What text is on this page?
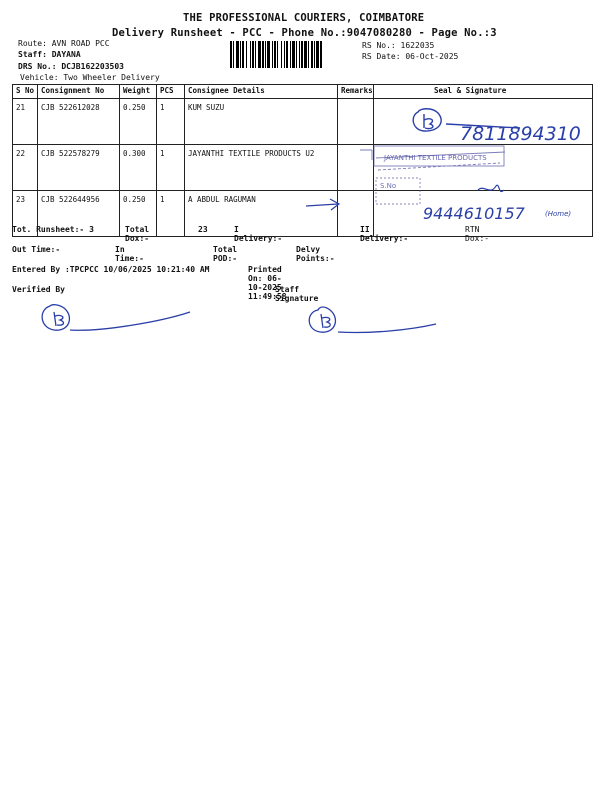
THE PROFESSIONAL COURIERS, COIMBATORE
Delivery Runsheet - PCC - Phone No.:9047080280 - Page No.:3
Route: AVN ROAD PCC
Staff: DAYANA
DRS No.: DCJB162203503
Vehicle: Two Wheeler Delivery
RS No.: 1622035
RS Date: 06-Oct-2025
S No	Consignment No	Weight	PCS	Consignee Details	Remarks	Seal & Signature
21	CJB 522612028	0.250	1	KUM SUZU		
22	CJB 522578279	0.300	1	JAYANTHI TEXTILE PRODUCTS U2		
23	CJB 522644956	0.250	1	A ABDUL RAGUMAN		
Tot. Runsheet:- 3	Total Dox:-
23	I Delivery:-
II Delivery:-
RTN Dox:-
Out Time:-	In Time:-
Total POD:-
Delvy Points:-
Entered By :TPCPCC 10/06/2025 10:21:40 AM	Printed On: 06-10-2025 11:49:58
Verified By	Staff Signature
7811894310
JAYANTHI TEXTILE PRODUCTS
S.No
9444610157	(Home)
